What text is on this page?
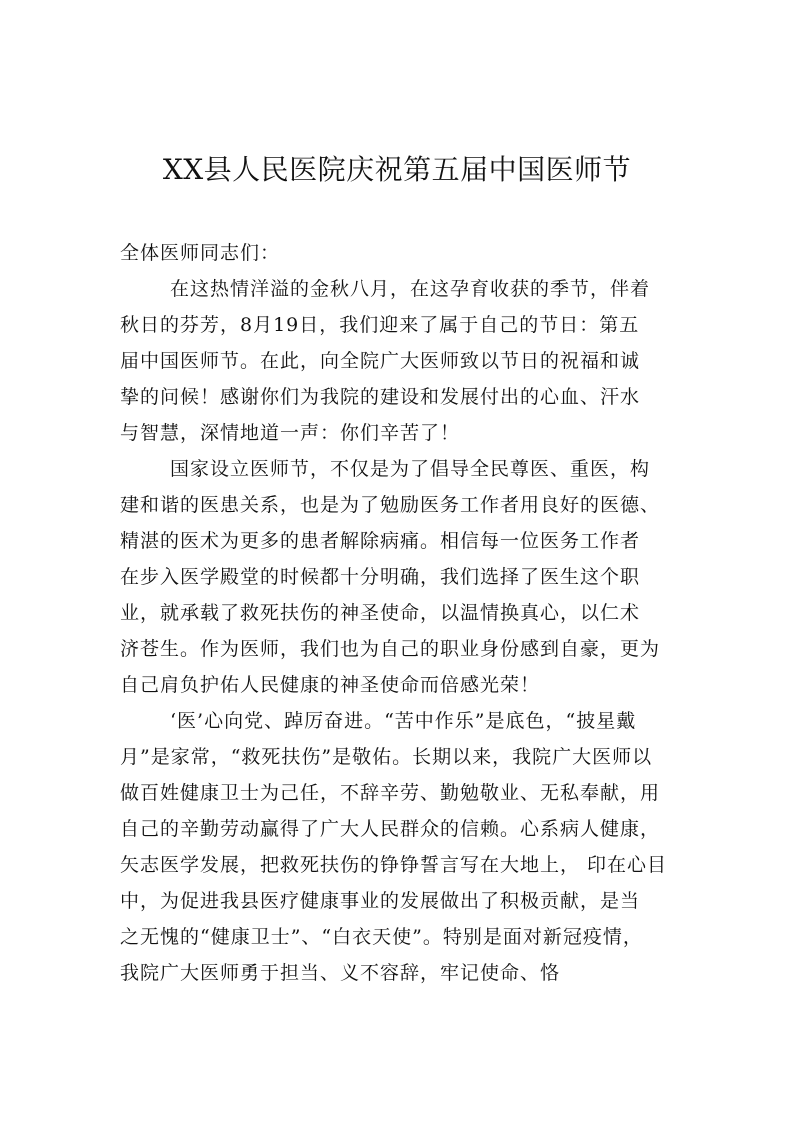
XX县人民医院庆祝第五届中国医师节
全体医师同志们：
在这热情洋溢的金秋八月，在这孕育收获的季节，伴着
秋日的芬芳，8月19日，我们迎来了属于自己的节日：第五
届中国医师节。在此，向全院广大医师致以节日的祝福和诚
挚的问候！感谢你们为我院的建设和发展付出的心血、汗水
与智慧，深情地道一声：你们辛苦了！
国家设立医师节，不仅是为了倡导全民尊医、重医，构
建和谐的医患关系，也是为了勉励医务工作者用良好的医德、
精湛的医术为更多的患者解除病痛。相信每一位医务工作者
在步入医学殿堂的时候都十分明确，我们选择了医生这个职
业，就承载了救死扶伤的神圣使命，以温情换真心，以仁术
济苍生。作为医师，我们也为自己的职业身份感到自豪，更为
自己肩负护佑人民健康的神圣使命而倍感光荣！
‘医’心向党、踔厉奋进。“苦中作乐”是底色，“披星戴
月”是家常，“救死扶伤”是敬佑。长期以来，我院广大医师以
做百姓健康卫士为己任，不辞辛劳、勤勉敬业、无私奉献，用
自己的辛勤劳动赢得了广大人民群众的信赖。心系病人健康，
矢志医学发展，把救死扶伤的铮铮誓言写在大地上， 印在心目
中，为促进我县医疗健康事业的发展做出了积极贡献，是当
之无愧的“健康卫士”、“白衣天使”。特别是面对新冠疫情，
我院广大医师勇于担当、义不容辞，牢记使命、恪
